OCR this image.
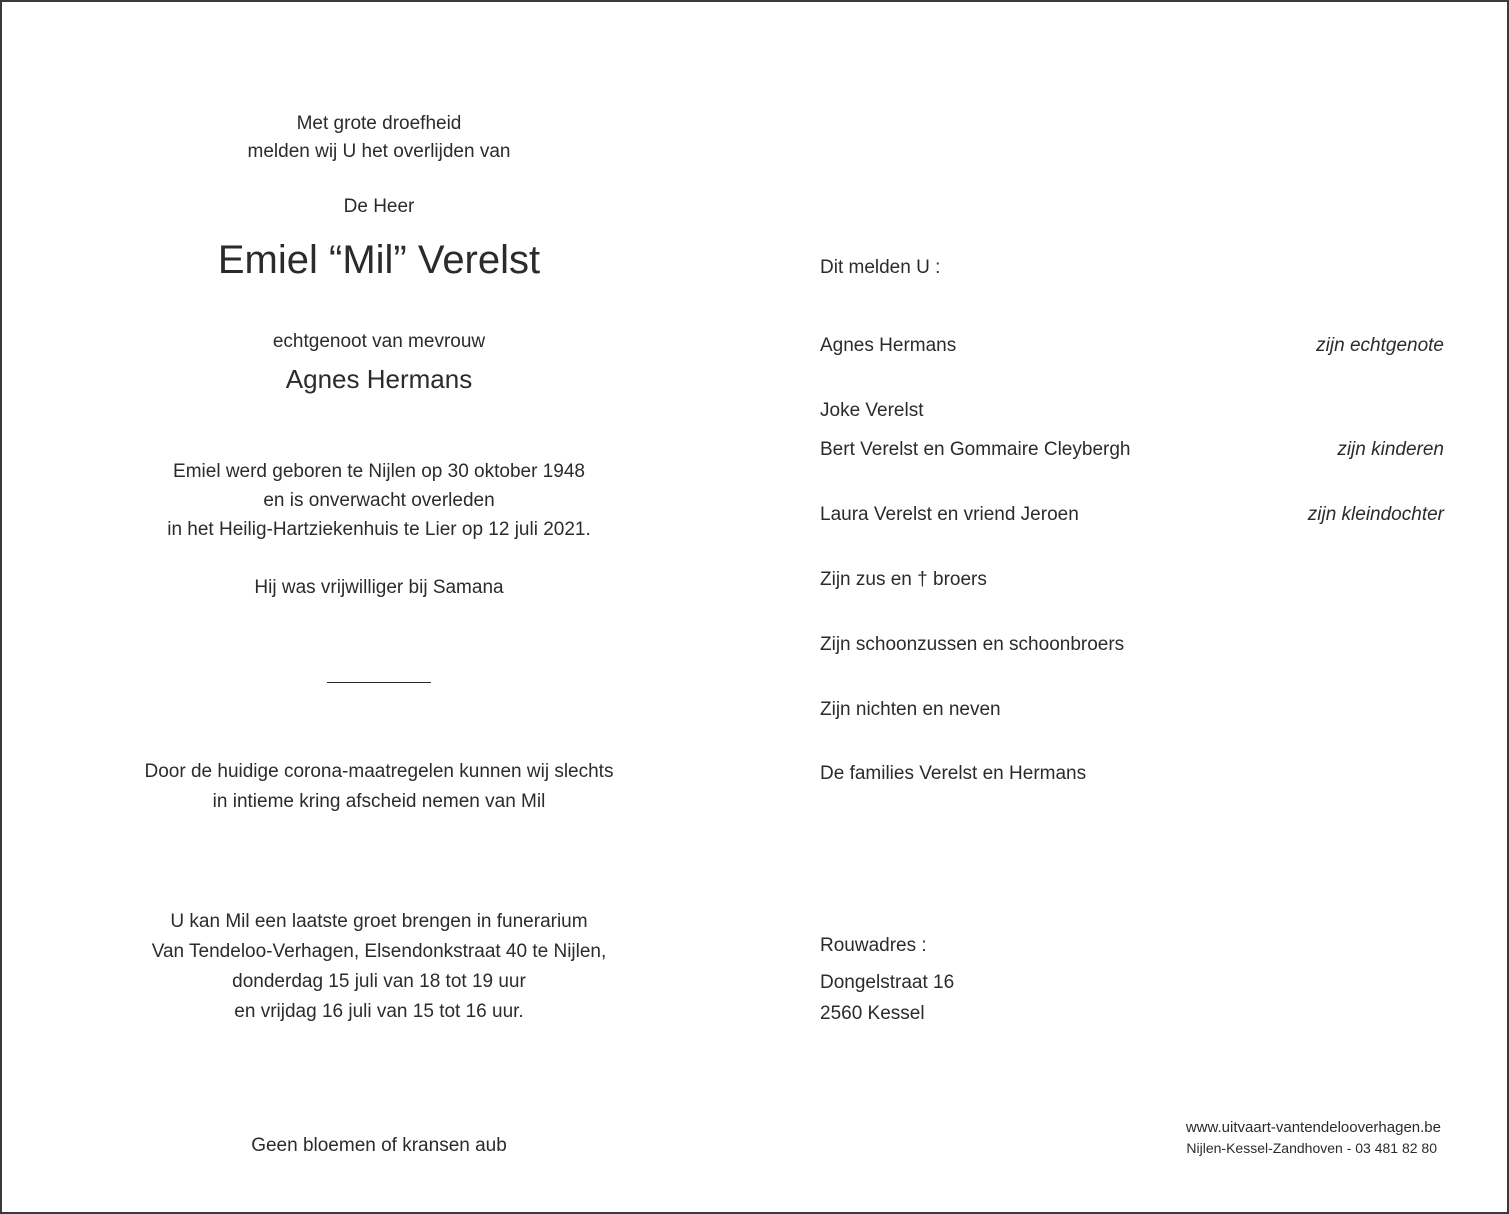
Met grote droefheid
melden wij U het overlijden van
De Heer
Emiel “Mil” Verelst
echtgenoot van mevrouw
Agnes Hermans
Emiel werd geboren te Nijlen op 30 oktober 1948
en is onverwacht overleden
in het Heilig-Hartziekenhuis te Lier op 12 juli 2021.
Hij was vrijwilliger bij Samana
Door de huidige corona-maatregelen kunnen wij slechts
in intieme kring afscheid nemen van Mil
U kan Mil een laatste groet brengen in funerarium
Van Tendeloo-Verhagen, Elsendonkstraat 40 te Nijlen,
donderdag 15 juli van 18 tot 19 uur
en vrijdag 16 juli van 15 tot 16 uur.
Geen bloemen of kransen aub
Dit melden U :
Agnes Hermans	zijn echtgenote
Joke Verelst
Bert Verelst en Gommaire Cleybergh	zijn kinderen
Laura Verelst en vriend Jeroen	zijn kleindochter
Zijn zus en † broers
Zijn schoonzussen en schoonbroers
Zijn nichten en neven
De families Verelst en Hermans
Rouwadres :
Dongelstraat 16
2560 Kessel
www.uitvaart-vantendelooverhagen.be
Nijlen-Kessel-Zandhoven - 03 481 82 80
